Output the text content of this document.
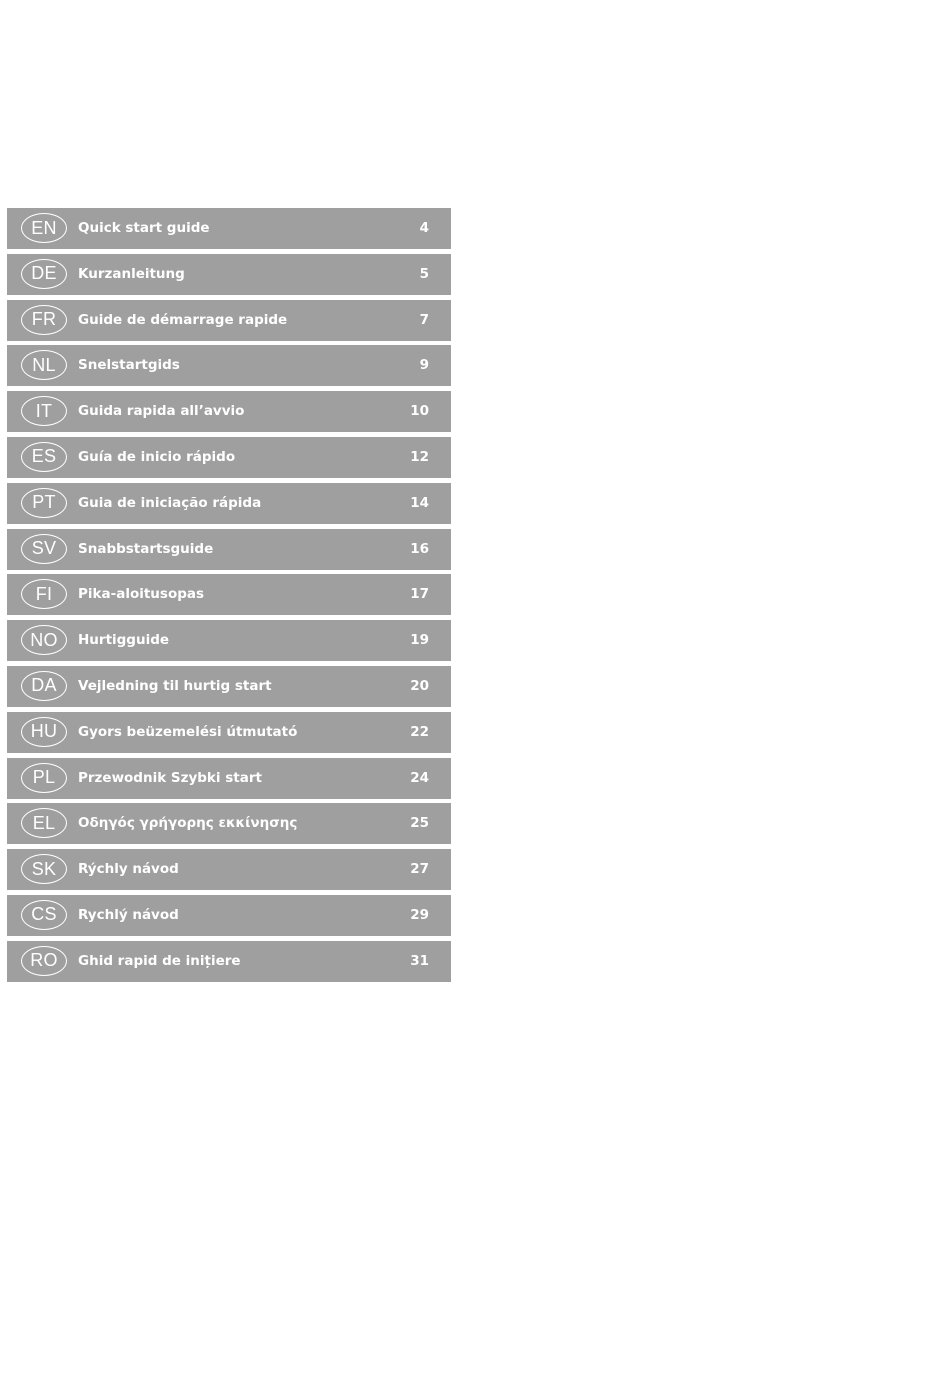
EN	Quick start guide	4
DE	Kurzanleitung	5
FR	Guide de démarrage rapide	7
NL	Snelstartgids	9
IT	Guida rapida all’avvio	10
ES	Guía de inicio rápido	12
PT	Guia de iniciação rápida	14
SV	Snabbstartsguide	16
FI	Pika-aloitusopas	17
NO	Hurtigguide	19
DA	Vejledning til hurtig start	20
HU	Gyors beüzemelési útmutató	22
PL	Przewodnik Szybki start	24
EL	Οδηγός γρήγορης εκκίνησης	25
SK	Rýchly návod	27
CS	Rychlý návod	29
RO	Ghid rapid de inițiere	31
